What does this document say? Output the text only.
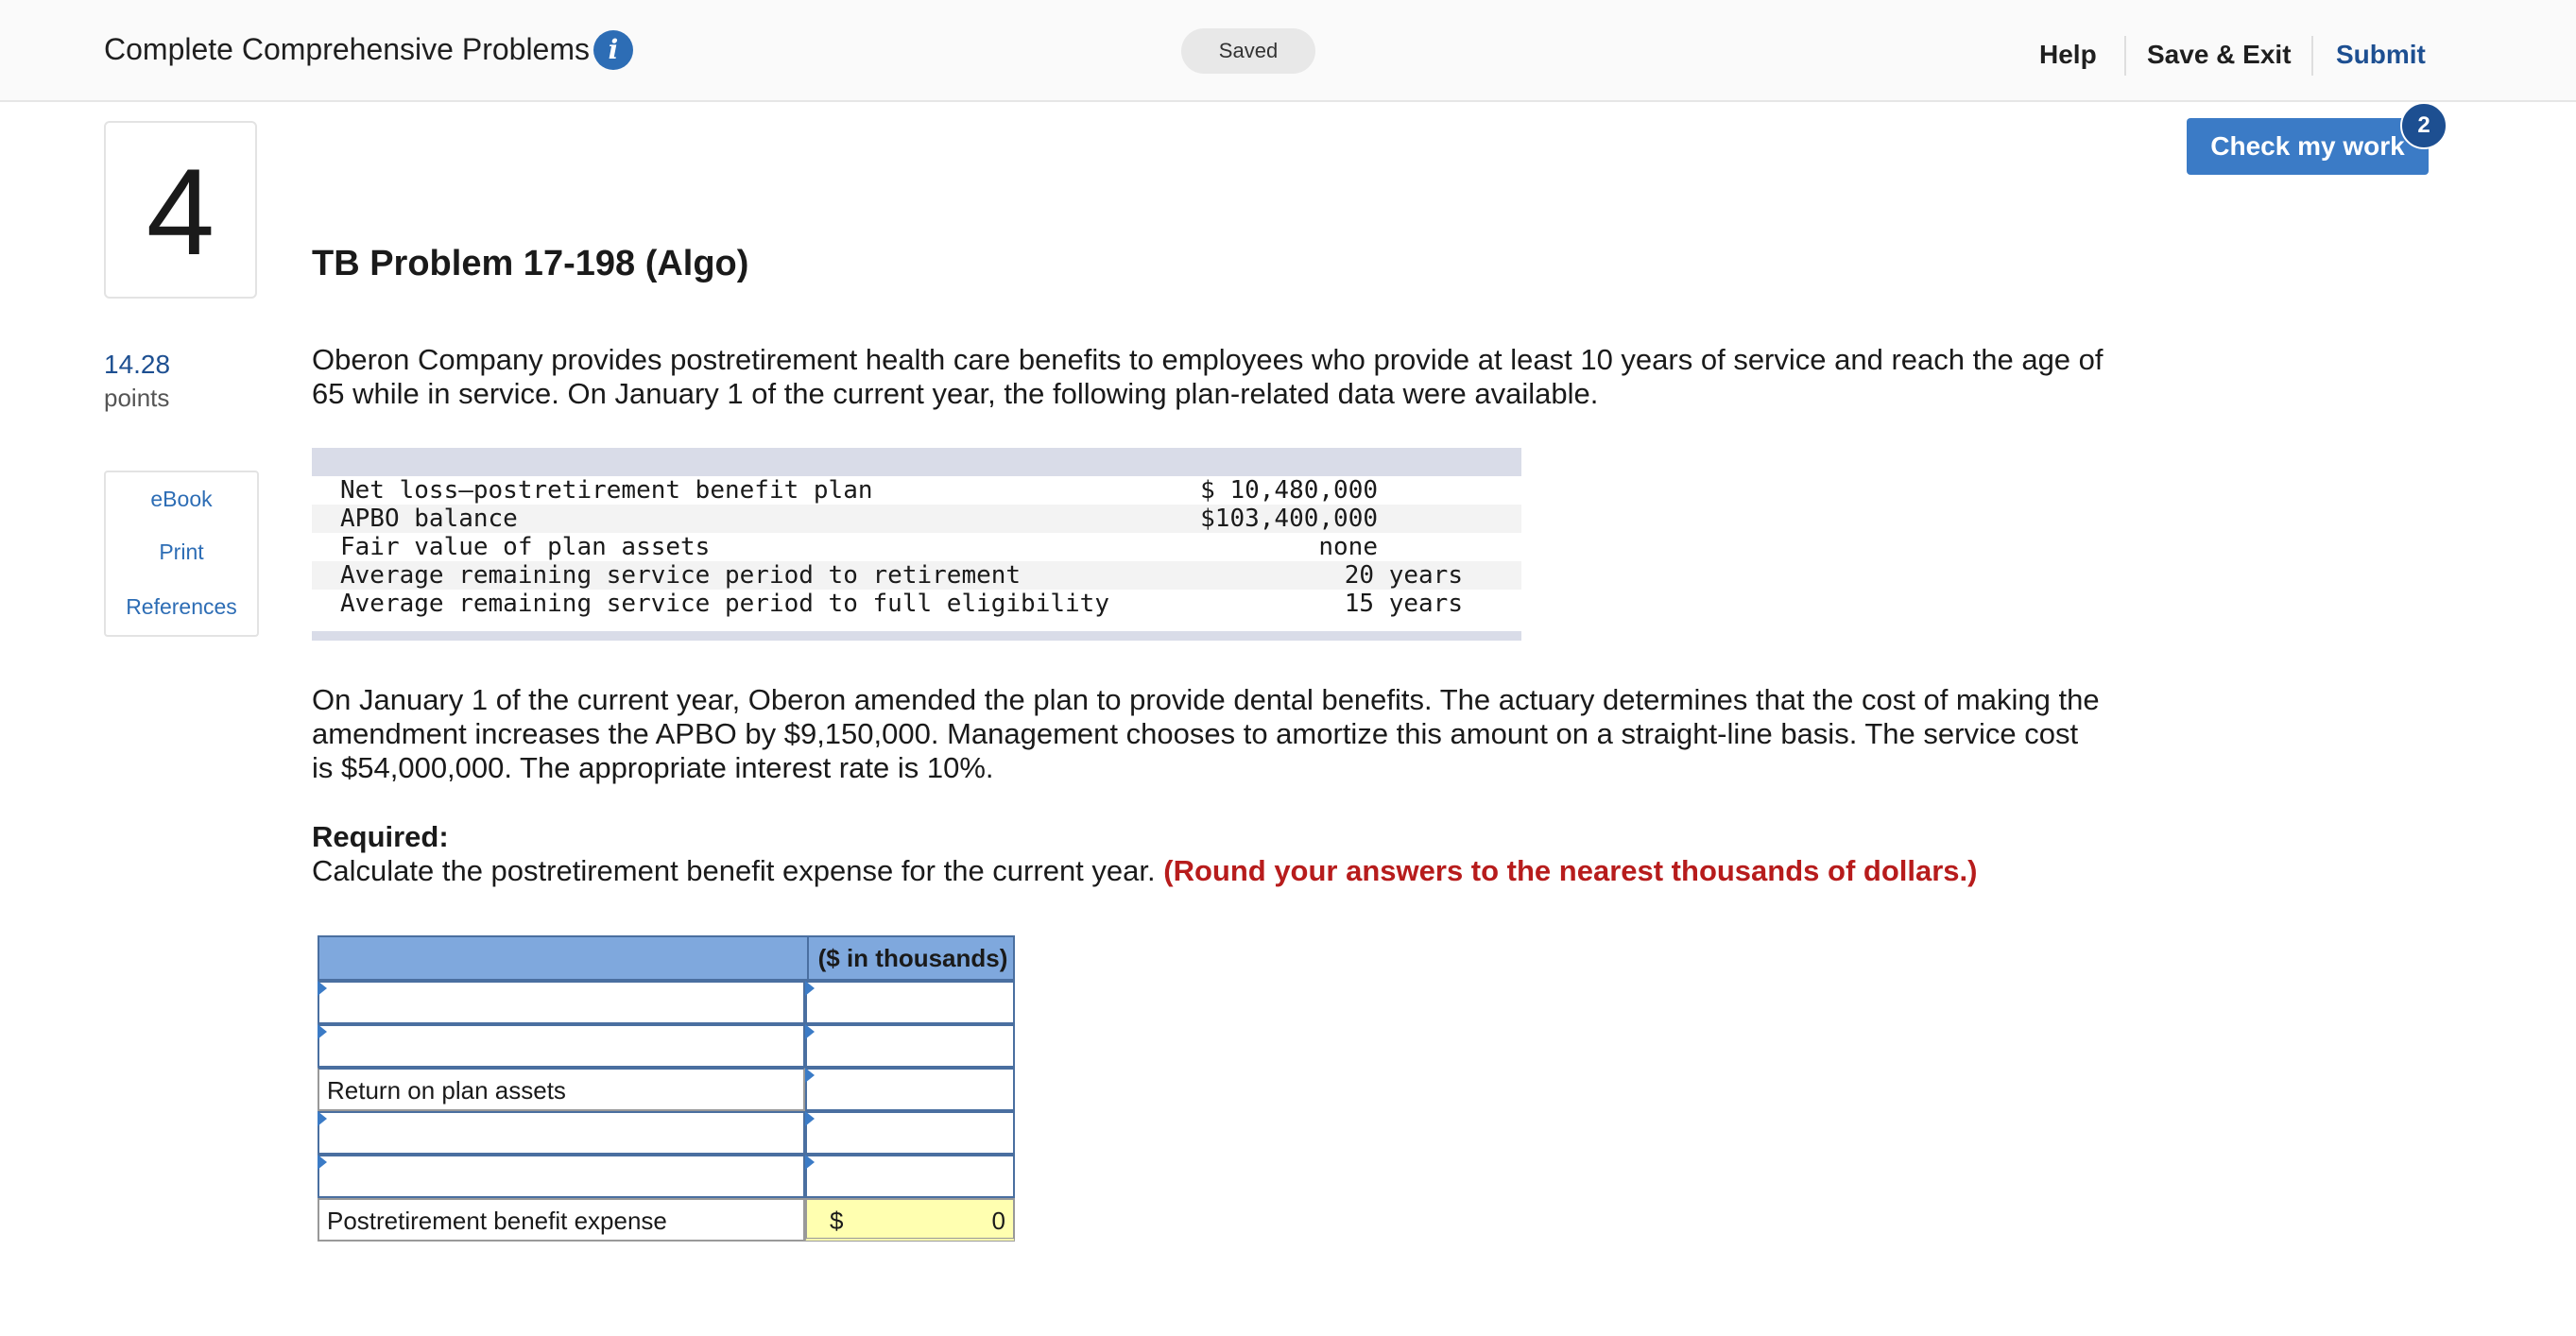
Complete Comprehensive Problems i	Saved	Help Save & Exit Submit
Check my work
2
4
14.28
points
eBook
Print
References
TB Problem 17-198 (Algo)
Oberon Company provides postretirement health care benefits to employees who provide at least 10 years of service and reach the age of 65 while in service. On January 1 of the current year, the following plan-related data were available.
Net loss—postretirement benefit plan	$ 10,480,000
APBO balance	$103,400,000
Fair value of plan assets	none
Average remaining service period to retirement	20 years
Average remaining service period to full eligibility	15 years
On January 1 of the current year, Oberon amended the plan to provide dental benefits. The actuary determines that the cost of making the amendment increases the APBO by $9,150,000. Management chooses to amortize this amount on a straight-line basis. The service cost is $54,000,000. The appropriate interest rate is 10%.
Required:
Calculate the postretirement benefit expense for the current year. (Round your answers to the nearest thousands of dollars.)
($ in thousands)
Return on plan assets
Postretirement benefit expense	$	0
